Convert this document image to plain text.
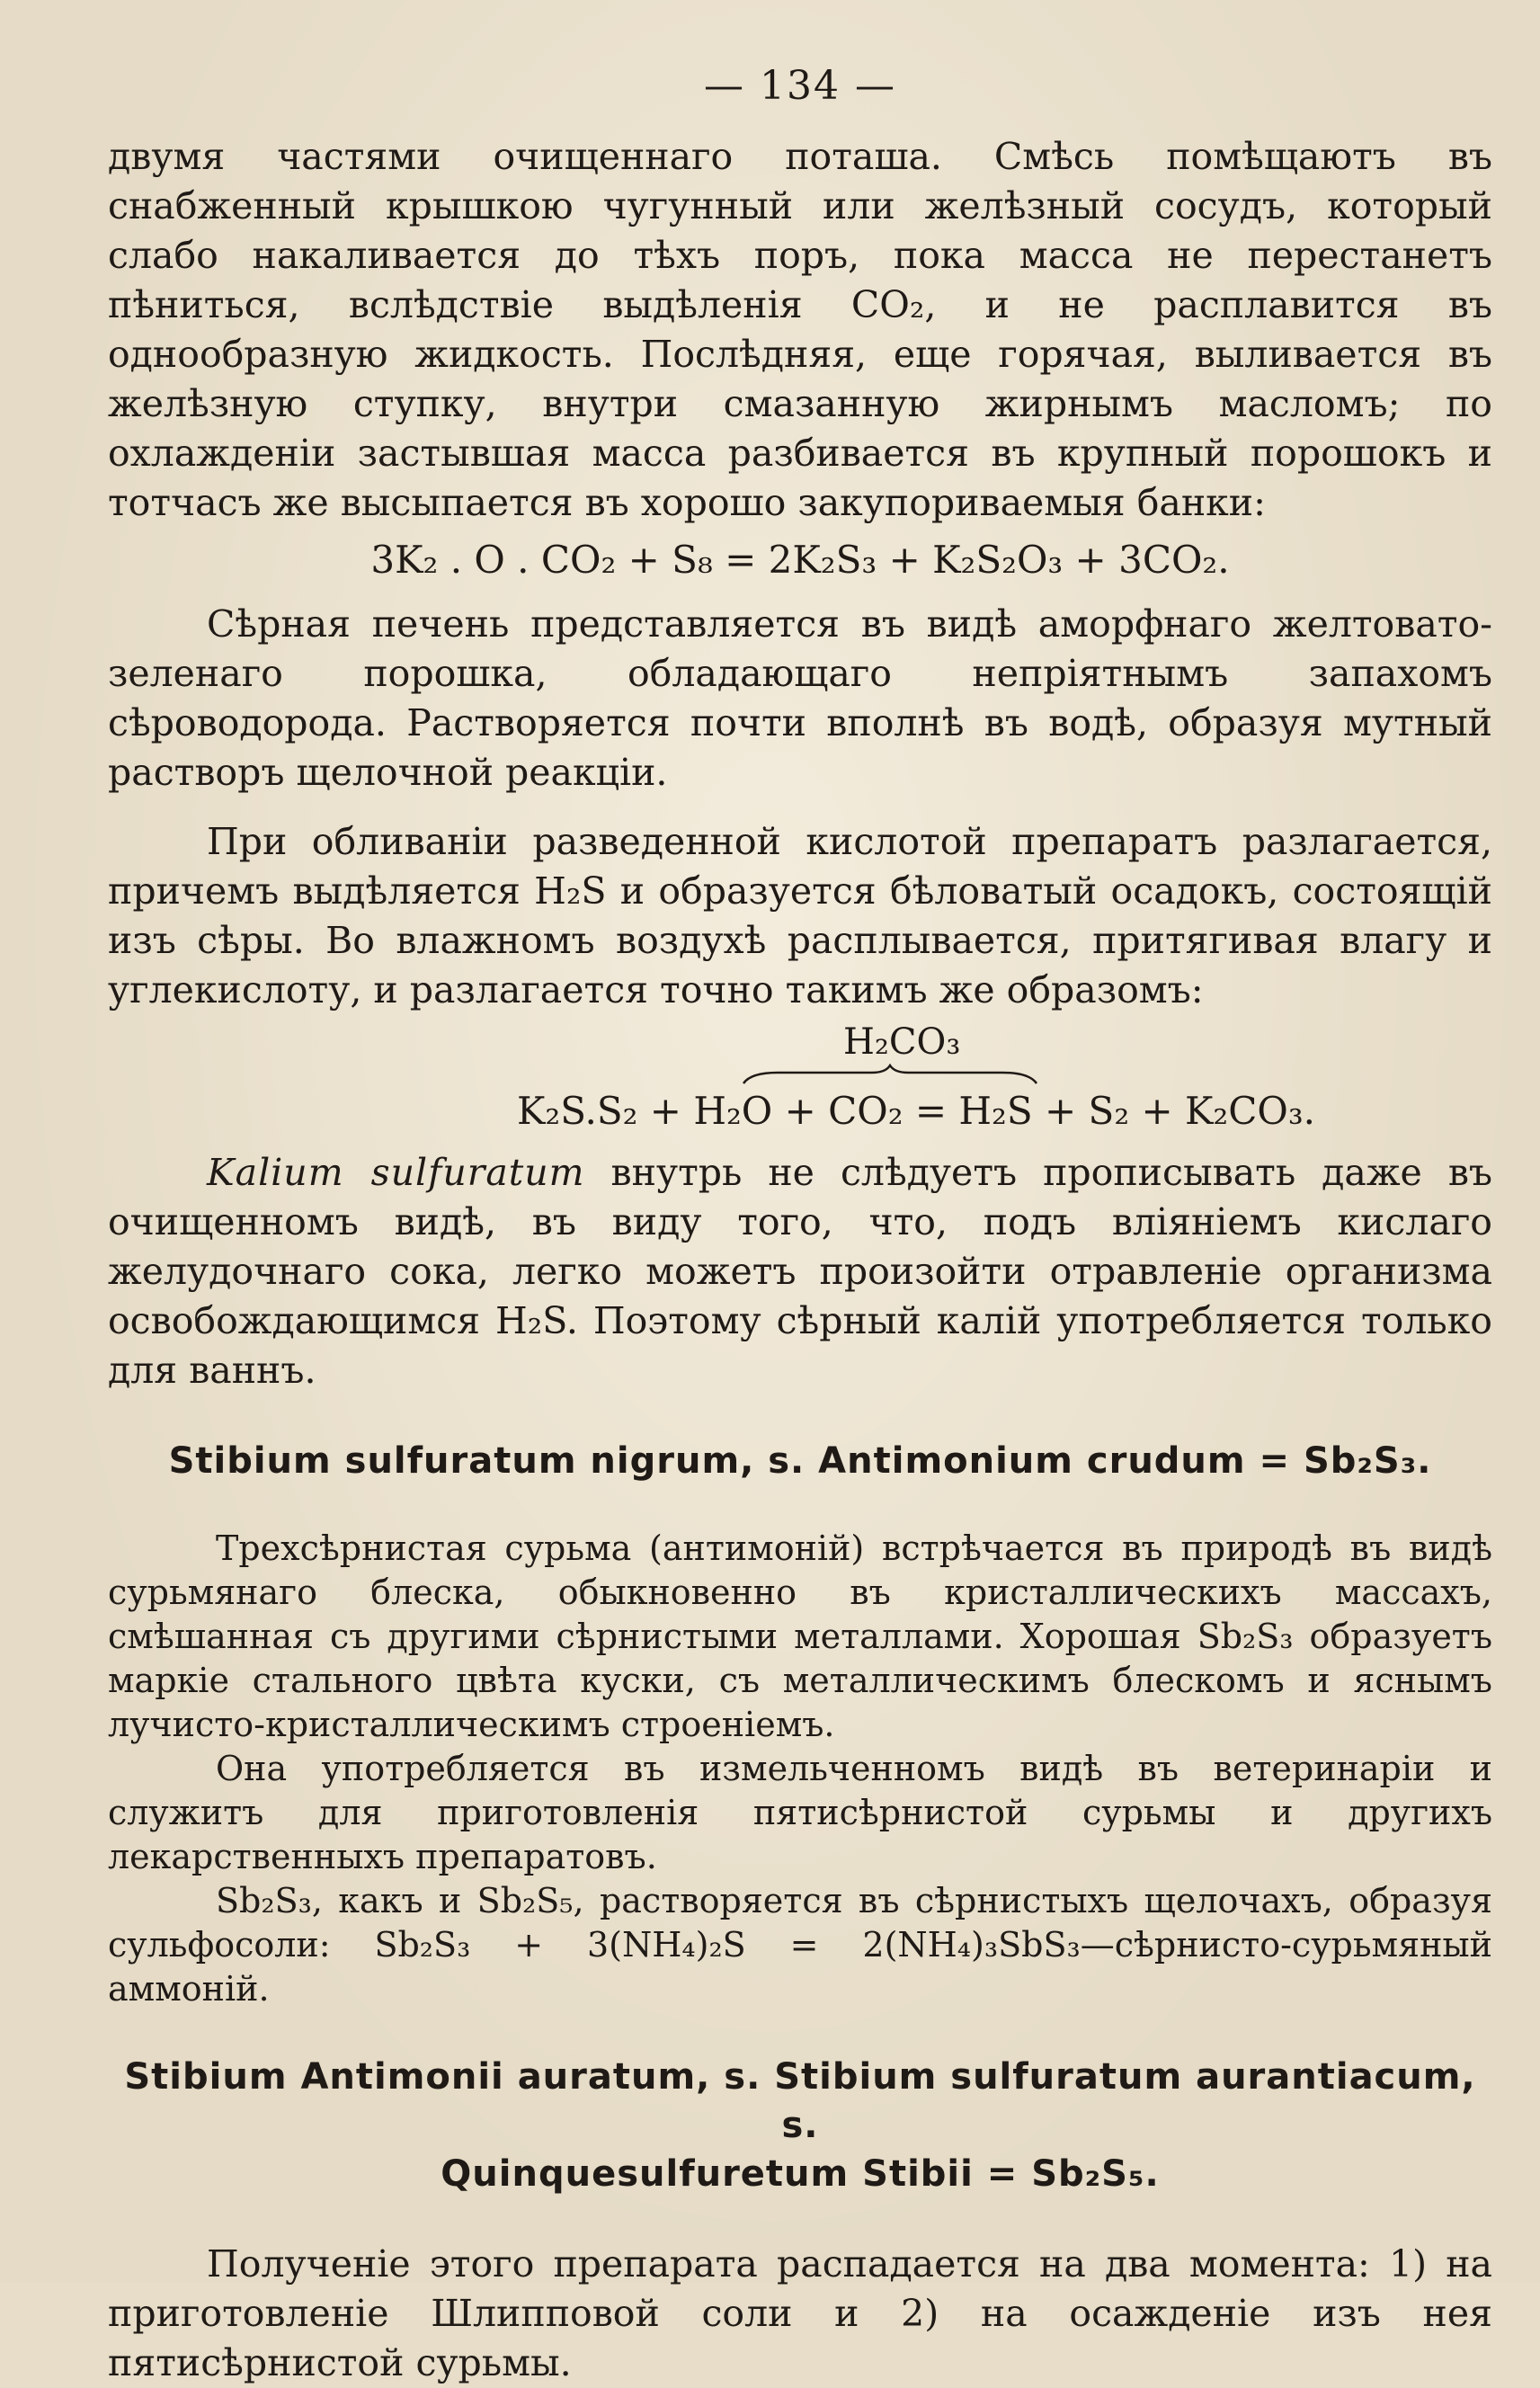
— 134 —

двумя частями очищеннаго поташа. Смѣсь помѣщаютъ въ снабженный крышкою чугунный или желѣзный сосудъ, который слабо накаливается до тѣхъ поръ, пока масса не перестанетъ пѣниться, вслѣдствіе выдѣленія CO₂, и не расплавится въ однообразную жидкость. Послѣдняя, еще горячая, выливается въ желѣзную ступку, внутри смазанную жирнымъ масломъ; по охлажденіи застывшая масса разбивается въ крупный порошокъ и тотчасъ же высыпается въ хорошо закупориваемыя банки:

3K₂ . O . CO₂ + S₈ = 2K₂S₃ + K₂S₂O₃ + 3CO₂.

Сѣрная печень представляется въ видѣ аморфнаго желтовато-зеленаго порошка, обладающаго непріятнымъ запахомъ сѣроводорода. Растворяется почти вполнѣ въ водѣ, образуя мутный растворъ щелочной реакціи.

При обливаніи разведенной кислотой препаратъ разлагается, причемъ выдѣляется H₂S и образуется бѣловатый осадокъ, состоящій изъ сѣры. Во влажномъ воздухѣ расплывается, притягивая влагу и углекислоту, и разлагается точно такимъ же образомъ:

H₂CO₃
K₂S.S₂ + H₂O + CO₂ = H₂S + S₂ + K₂CO₃.

Kalium sulfuratum внутрь не слѣдуетъ прописывать даже въ очищенномъ видѣ, въ виду того, что, подъ вліяніемъ кислаго желудочнаго сока, легко можетъ произойти отравленіе организма освобождающимся H₂S. Поэтому сѣрный калій употребляется только для ваннъ.

Stibium sulfuratum nigrum, s. Antimonium crudum = Sb₂S₃.

Трехсѣрнистая сурьма (антимоній) встрѣчается въ природѣ въ видѣ сурьмянаго блеска, обыкновенно въ кристаллическихъ массахъ, смѣшанная съ другими сѣрнистыми металлами. Хорошая Sb₂S₃ образуетъ маркіе стального цвѣта куски, съ металлическимъ блескомъ и яснымъ лучисто-кристаллическимъ строеніемъ.

Она употребляется въ измельченномъ видѣ въ ветеринаріи и служитъ для приготовленія пятисѣрнистой сурьмы и другихъ лекарственныхъ препаратовъ.

Sb₂S₃, какъ и Sb₂S₅, растворяется въ сѣрнистыхъ щелочахъ, образуя сульфосоли: Sb₂S₃ + 3(NH₄)₂S = 2(NH₄)₃SbS₃—сѣрнисто-сурьмяный аммоній.

Stibium Antimonii auratum, s. Stibium sulfuratum aurantiacum, s.
Quinquesulfuretum Stibii = Sb₂S₅.

Полученіе этого препарата распадается на два момента: 1) на приготовленіе Шлипповой соли и 2) на осажденіе изъ нея пятисѣрнистой сурьмы.
